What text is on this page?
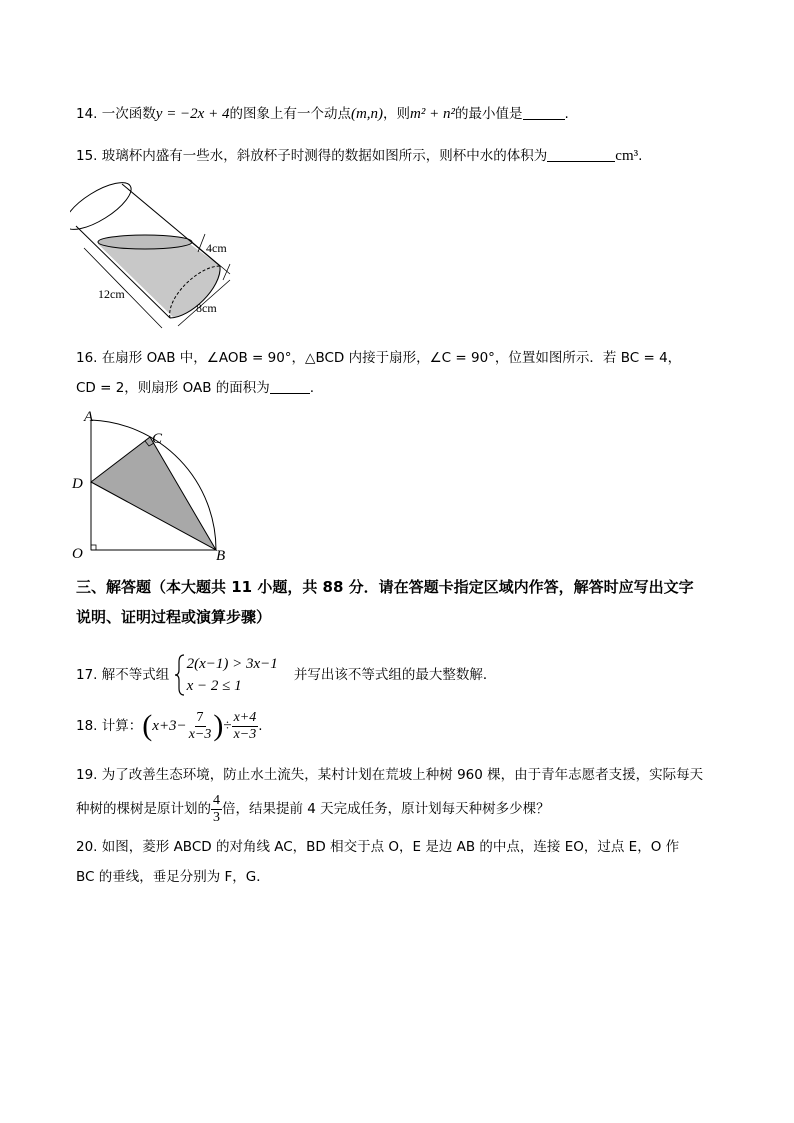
14. 一次函数y = −2x + 4的图象上有一个动点(m,n)，则m² + n²的最小值是	.
15. 玻璃杯内盛有一些水，斜放杯子时测得的数据如图所示，则杯中水的体积为	cm³.
4cm
12cm
8cm
16. 在扇形 OAB 中，∠AOB = 90°，△BCD 内接于扇形，∠C = 90°，位置如图所示．若 BC = 4，
CD = 2，则扇形 OAB 的面积为	.
A
C
D
O	B
三、解答题（本大题共 11 小题，共 88 分．请在答题卡指定区域内作答，解答时应写出文字
说明、证明过程或演算步骤）
17. 解不等式组
2(x−1) > 3x−1
x − 2 ≤ 1
并写出该不等式组的最大整数解．
18. 计算：($x+3- \frac{7}{x-3}$ )÷ $\frac{x+4}{x-3}$ .
19. 为了改善生态环境，防止水土流失，某村计划在荒坡上种树 960 棵，由于青年志愿者支援，实际每天
种树的棵树是原计划的 $\frac{4}{3}$ 倍，结果提前 4 天完成任务，原计划每天种树多少棵？
20. 如图，菱形 ABCD 的对角线 AC，BD 相交于点 O，E 是边 AB 的中点，连接 EO，过点 E，O 作
BC 的垂线，垂足分别为 F，G．
